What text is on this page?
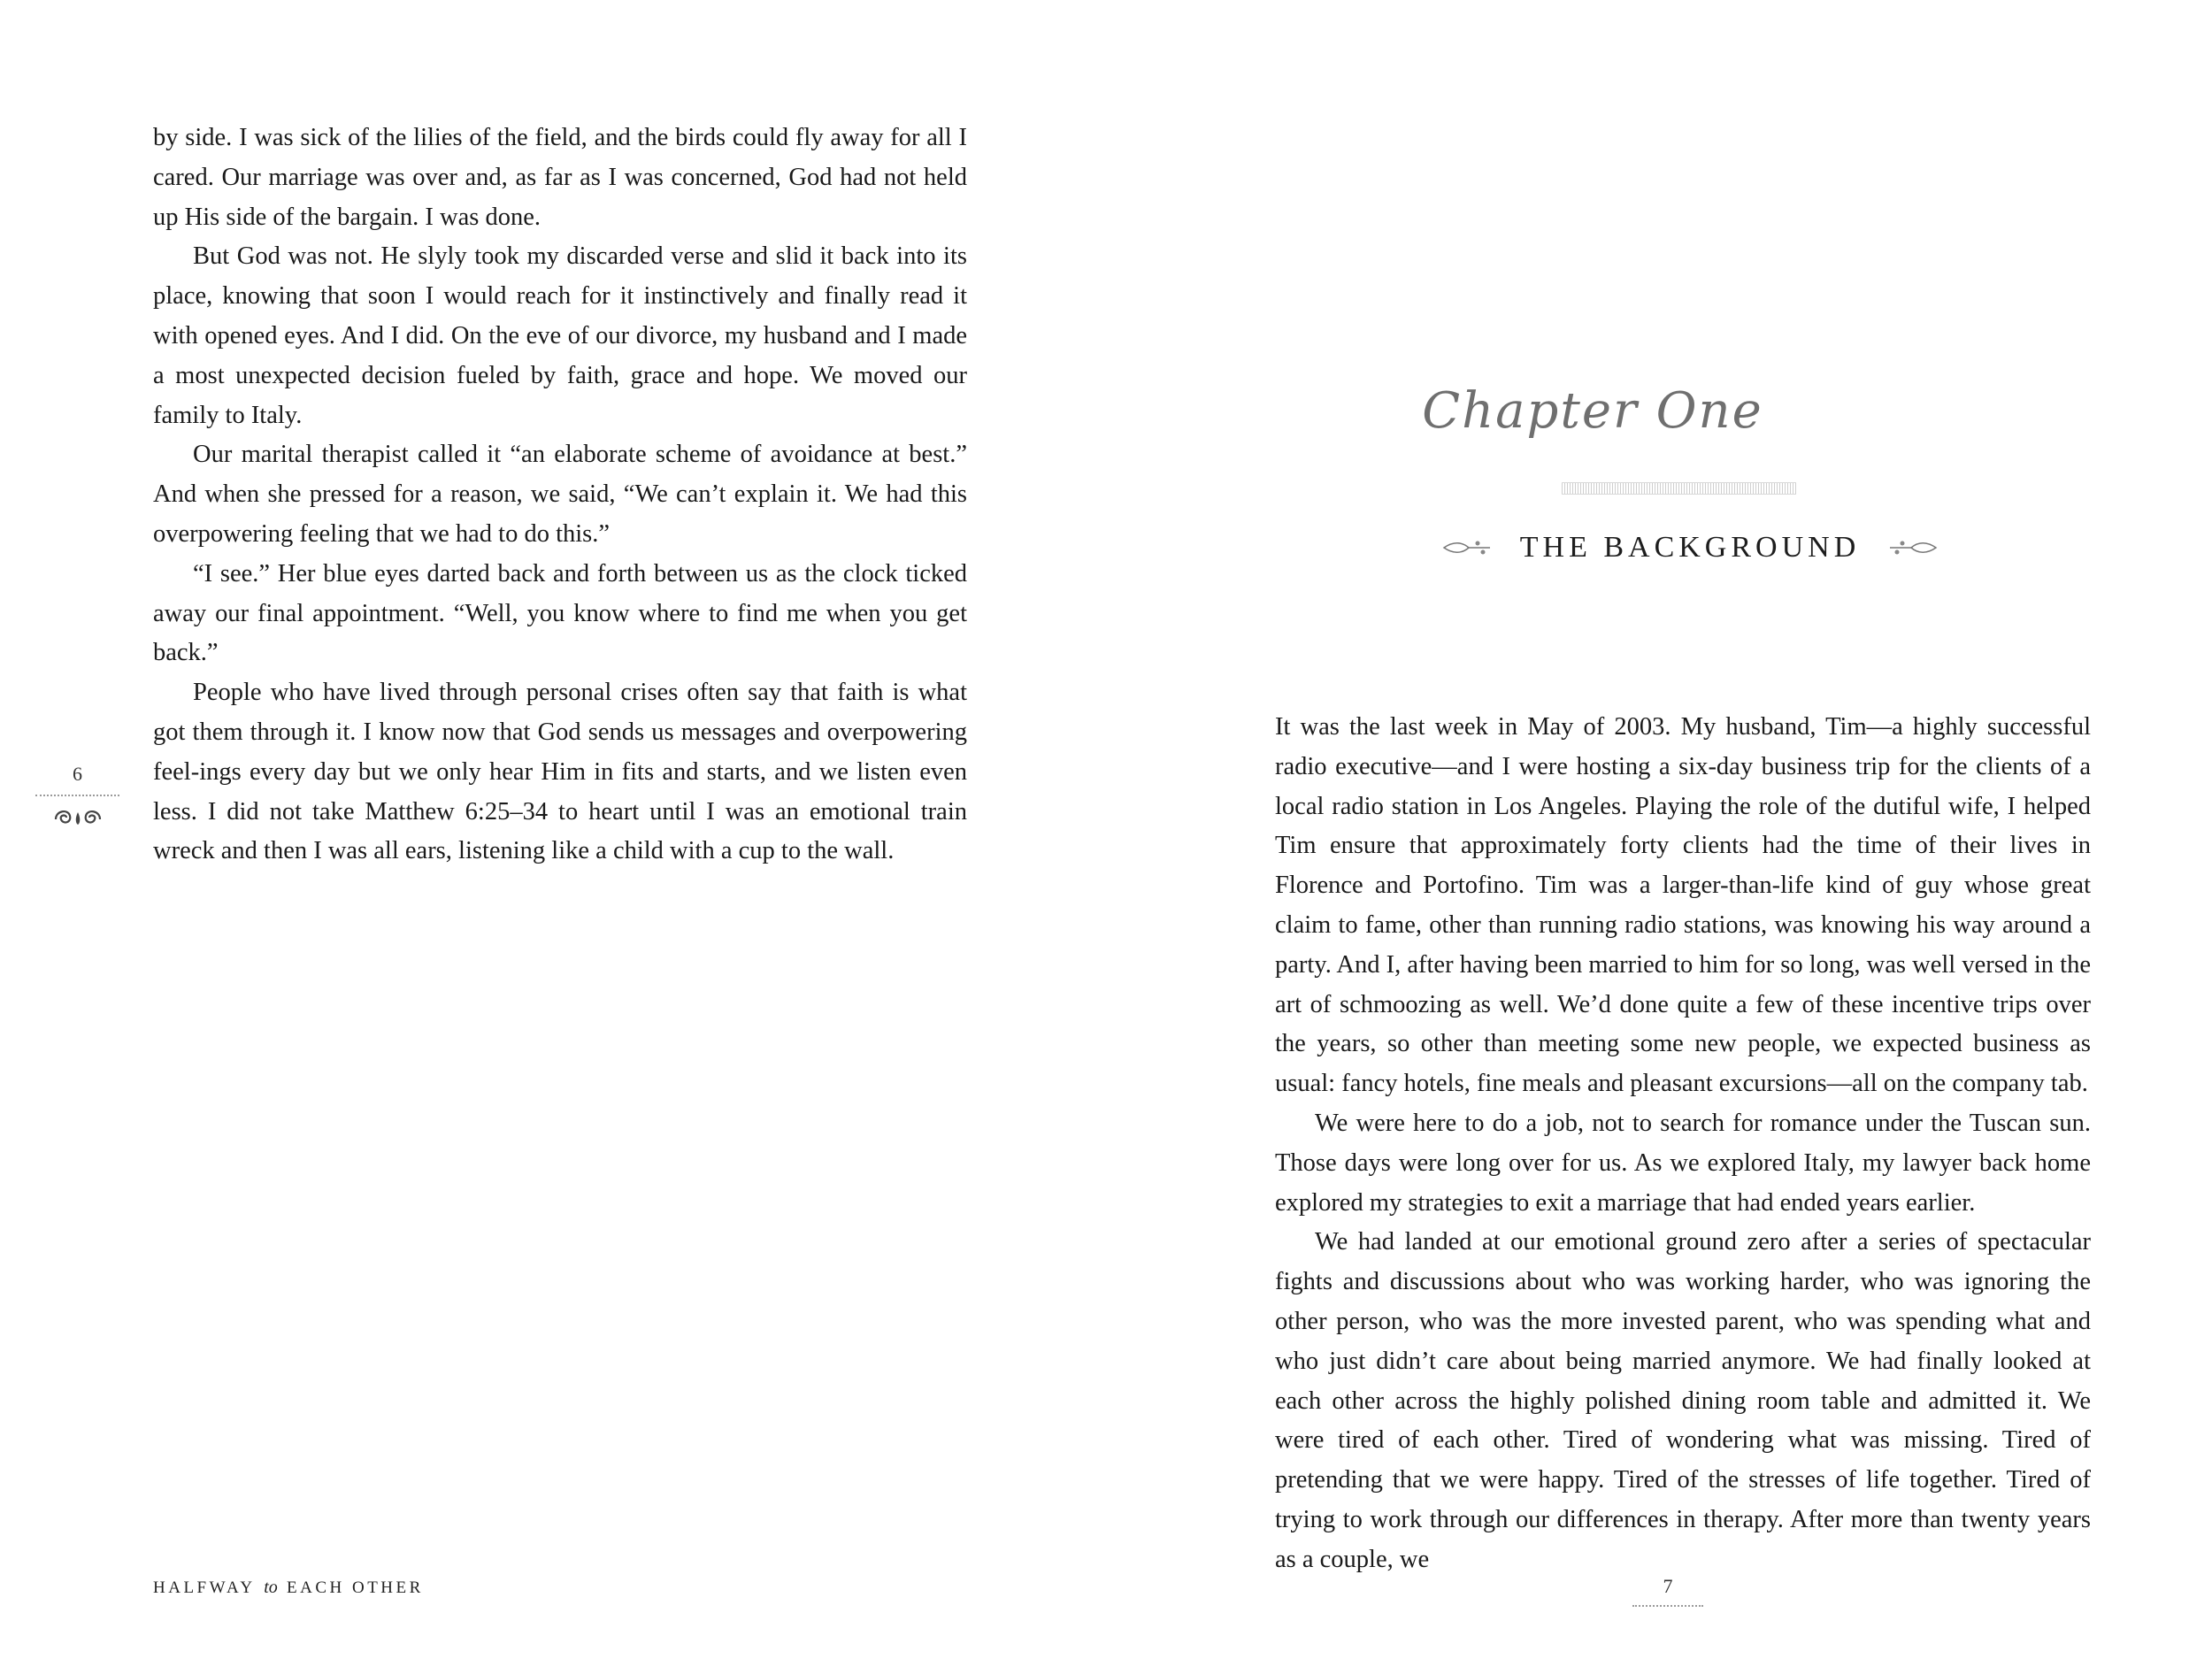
by side. I was sick of the lilies of the field, and the birds could fly away for all I cared. Our marriage was over and, as far as I was concerned, God had not held up His side of the bargain. I was done.

But God was not. He slyly took my discarded verse and slid it back into its place, knowing that soon I would reach for it instinctively and finally read it with opened eyes. And I did. On the eve of our divorce, my husband and I made a most unexpected decision fueled by faith, grace and hope. We moved our family to Italy.

Our marital therapist called it “an elaborate scheme of avoidance at best.” And when she pressed for a reason, we said, “We can’t explain it. We had this overpowering feeling that we had to do this.”

“I see.” Her blue eyes darted back and forth between us as the clock ticked away our final appointment. “Well, you know where to find me when you get back.”

People who have lived through personal crises often say that faith is what got them through it. I know now that God sends us messages and overpowering feel-ings every day but we only hear Him in fits and starts, and we listen even less. I did not take Matthew 6:25–34 to heart until I was an emotional train wreck and then I was all ears, listening like a child with a cup to the wall.

6
HALFWAY to EACH OTHER
Chapter One
THE BACKGROUND

It was the last week in May of 2003. My husband, Tim—a highly successful radio executive—and I were hosting a six-day business trip for the clients of a local radio station in Los Angeles. Playing the role of the dutiful wife, I helped Tim ensure that approximately forty clients had the time of their lives in Florence and Portofino. Tim was a larger-than-life kind of guy whose great claim to fame, other than running radio stations, was knowing his way around a party. And I, after having been married to him for so long, was well versed in the art of schmoozing as well. We’d done quite a few of these incentive trips over the years, so other than meeting some new people, we expected business as usual: fancy hotels, fine meals and pleasant excursions—all on the company tab.

We were here to do a job, not to search for romance under the Tuscan sun. Those days were long over for us. As we explored Italy, my lawyer back home explored my strategies to exit a marriage that had ended years earlier.

We had landed at our emotional ground zero after a series of spectacular fights and discussions about who was working harder, who was ignoring the other person, who was the more invested parent, who was spending what and who just didn’t care about being married anymore. We had finally looked at each other across the highly polished dining room table and admitted it. We were tired of each other. Tired of wondering what was missing. Tired of pretending that we were happy. Tired of the stresses of life together. Tired of trying to work through our differences in therapy. After more than twenty years as a couple, we

7
